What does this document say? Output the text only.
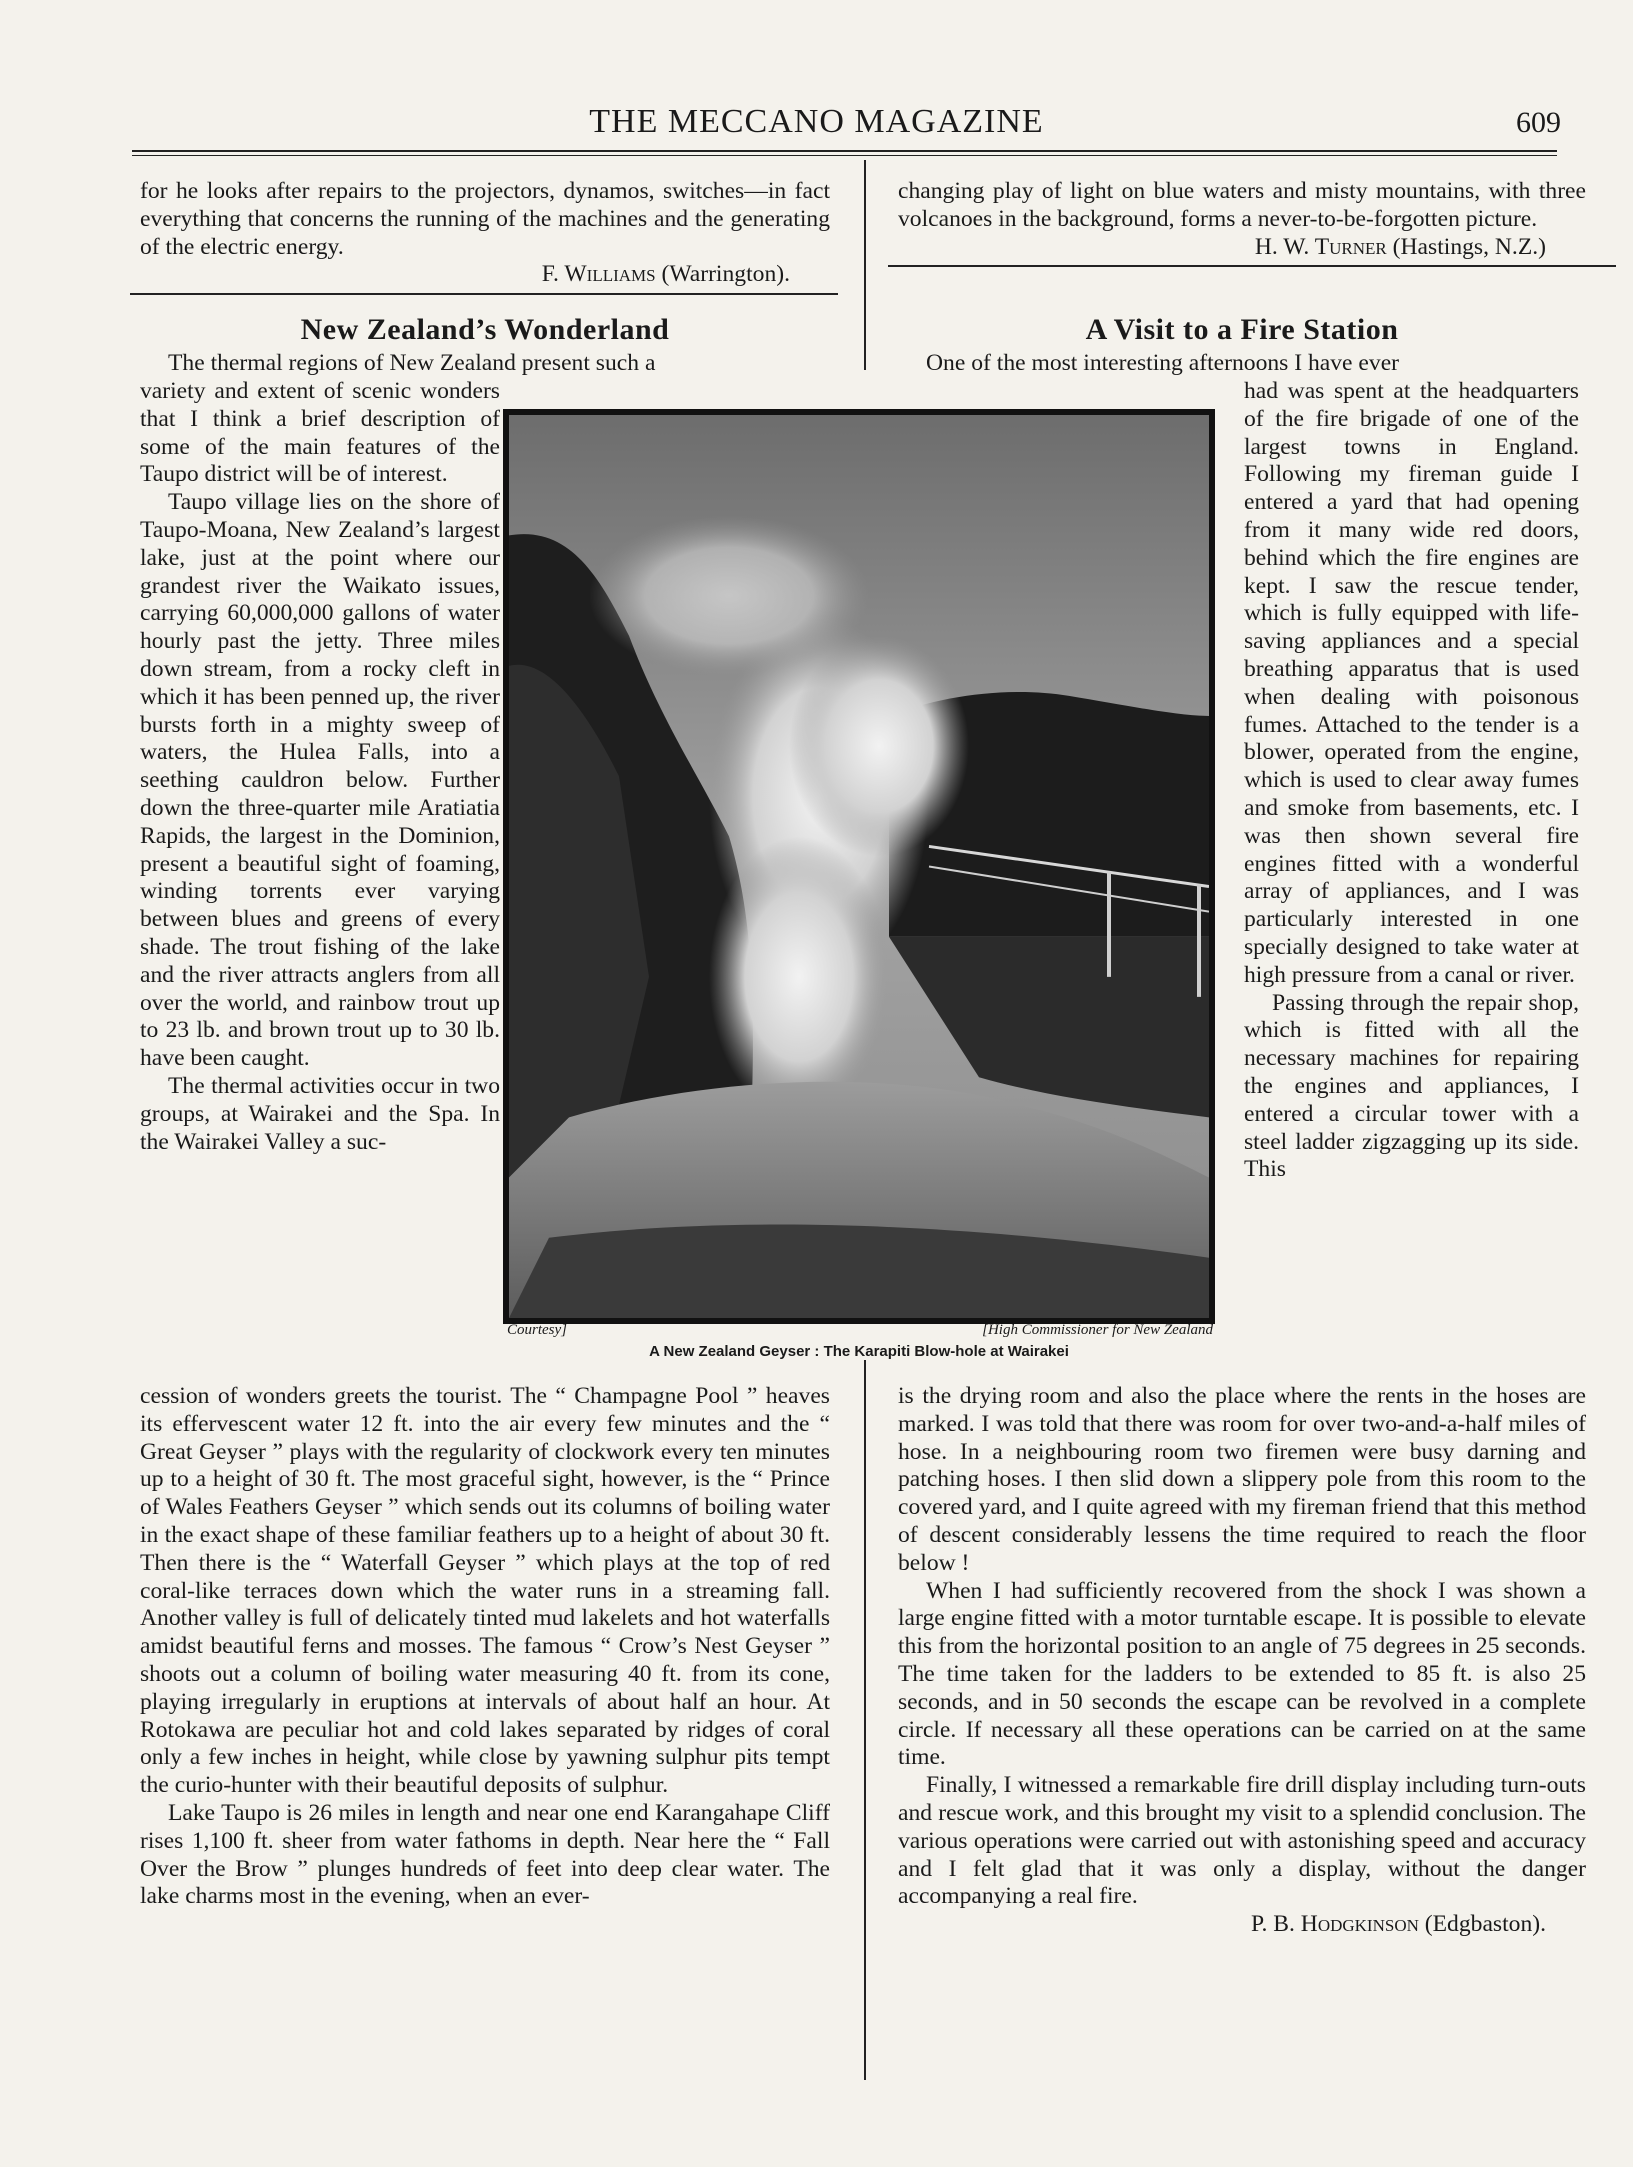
THE MECCANO MAGAZINE	609

for he looks after repairs to the projectors, dynamos, switches—in fact everything that concerns the running of the machines and the generating of the electric energy.

F. Williams (Warrington).

changing play of light on blue waters and misty mountains, with three volcanoes in the background, forms a never-to-be-forgotten picture.

H. W. Turner (Hastings, N.Z.)

New Zealand’s Wonderland

The thermal regions of New Zealand present such a

variety and extent of scenic wonders that I think a brief description of some of the main features of the Taupo district will be of interest.

Taupo village lies on the shore of Taupo-Moana, New Zealand’s largest lake, just at the point where our grandest river the Waikato issues, carrying 60,000,000 gallons of water hourly past the jetty. Three miles down stream, from a rocky cleft in which it has been penned up, the river bursts forth in a mighty sweep of waters, the Hulea Falls, into a seething cauldron below. Further down the three-quarter mile Aratiatia Rapids, the largest in the Dominion, present a beautiful sight of foaming, winding torrents ever varying between blues and greens of every shade. The trout fishing of the lake and the river attracts anglers from all over the world, and rainbow trout up to 23 lb. and brown trout up to 30 lb. have been caught.

The thermal activities occur in two groups, at Wairakei and the Spa. In the Wairakei Valley a suc-

cession of wonders greets the tourist. The “ Champagne Pool ” heaves its effervescent water 12 ft. into the air every few minutes and the “ Great Geyser ” plays with the regularity of clockwork every ten minutes up to a height of 30 ft. The most graceful sight, however, is the “ Prince of Wales Feathers Geyser ” which sends out its columns of boiling water in the exact shape of these familiar feathers up to a height of about 30 ft. Then there is the “ Waterfall Geyser ” which plays at the top of red coral-like terraces down which the water runs in a streaming fall. Another valley is full of delicately tinted mud lakelets and hot waterfalls amidst beautiful ferns and mosses. The famous “ Crow’s Nest Geyser ” shoots out a column of boiling water measuring 40 ft. from its cone, playing irregularly in eruptions at intervals of about half an hour. At Rotokawa are peculiar hot and cold lakes separated by ridges of coral only a few inches in height, while close by yawning sulphur pits tempt the curio-hunter with their beautiful deposits of sulphur.

Lake Taupo is 26 miles in length and near one end Karangahape Cliff rises 1,100 ft. sheer from water fathoms in depth. Near here the “ Fall Over the Brow ” plunges hundreds of feet into deep clear water. The lake charms most in the evening, when an ever-

A Visit to a Fire Station

One of the most interesting afternoons I have ever

had was spent at the headquarters of the fire brigade of one of the largest towns in England. Following my fireman guide I entered a yard that had opening from it many wide red doors, behind which the fire engines are kept. I saw the rescue tender, which is fully equipped with life-saving appliances and a special breathing apparatus that is used when dealing with poisonous fumes. Attached to the tender is a blower, operated from the engine, which is used to clear away fumes and smoke from basements, etc. I was then shown several fire engines fitted with a wonderful array of appliances, and I was particularly interested in one specially designed to take water at high pressure from a canal or river.

Passing through the repair shop, which is fitted with all the necessary machines for repairing the engines and appliances, I entered a circular tower with a steel ladder zigzagging up its side. This

is the drying room and also the place where the rents in the hoses are marked. I was told that there was room for over two-and-a-half miles of hose. In a neighbouring room two firemen were busy darning and patching hoses. I then slid down a slippery pole from this room to the covered yard, and I quite agreed with my fireman friend that this method of descent considerably lessens the time required to reach the floor below !

When I had sufficiently recovered from the shock I was shown a large engine fitted with a motor turntable escape. It is possible to elevate this from the horizontal position to an angle of 75 degrees in 25 seconds. The time taken for the ladders to be extended to 85 ft. is also 25 seconds, and in 50 seconds the escape can be revolved in a complete circle. If necessary all these operations can be carried on at the same time.

Finally, I witnessed a remarkable fire drill display including turn-outs and rescue work, and this brought my visit to a splendid conclusion. The various operations were carried out with astonishing speed and accuracy and I felt glad that it was only a display, without the danger accompanying a real fire.

P. B. Hodgkinson (Edgbaston).

Courtesy]	[High Commissioner for New Zealand
A New Zealand Geyser : The Karapiti Blow-hole at Wairakei
